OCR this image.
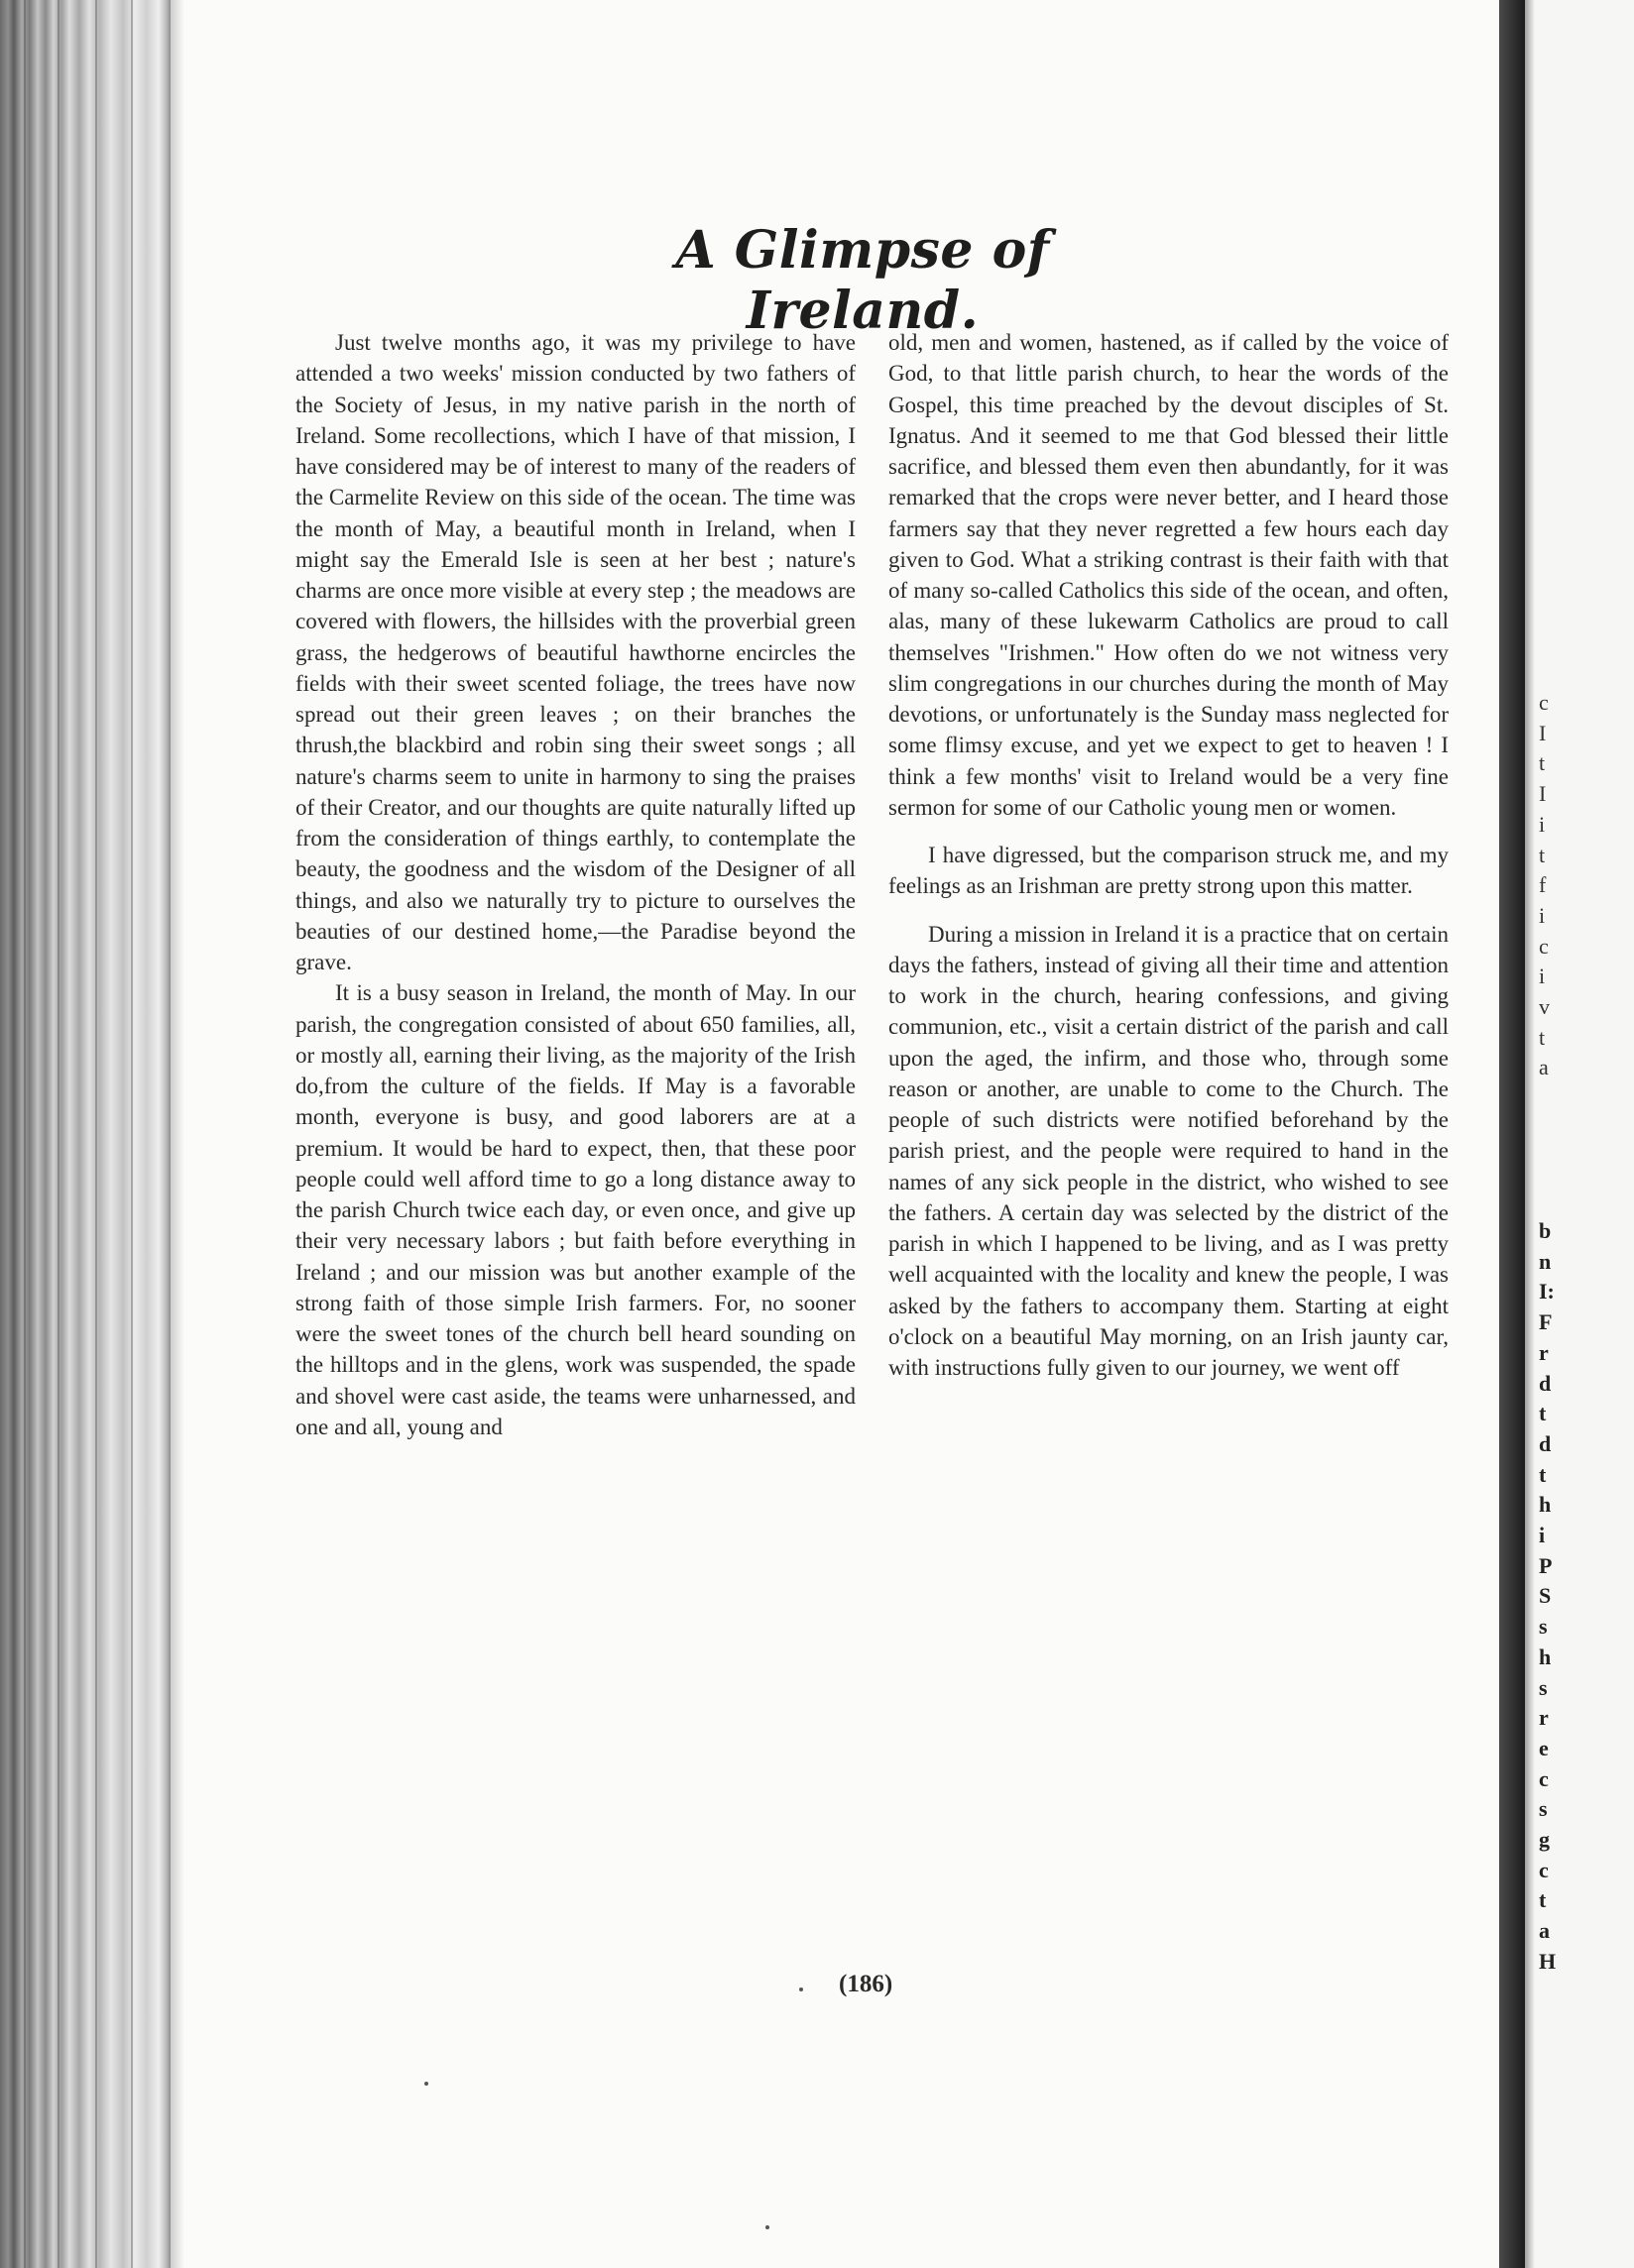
c
I
t
I
i
t
f
i
c
i
v
t
a
b
n
I:
F
r
d
t
d
t
h
i
P
S
s
h
s
r
e
c
s
g
c
t
a
H
A Glimpse of Ireland.

Just twelve months ago, it was my privilege to have attended a two weeks' mission conducted by two fathers of the Society of Jesus, in my native parish in the north of Ireland. Some recollections, which I have of that mission, I have considered may be of interest to many of the readers of the Carmelite Review on this side of the ocean. The time was the month of May, a beautiful month in Ireland, when I might say the Emerald Isle is seen at her best ; nature's charms are once more visible at every step ; the meadows are covered with flowers, the hillsides with the proverbial green grass, the hedgerows of beautiful hawthorne encircles the fields with their sweet scented foliage, the trees have now spread out their green leaves ; on their branches the thrush,the blackbird and robin sing their sweet songs ; all nature's charms seem to unite in harmony to sing the praises of their Creator, and our thoughts are quite naturally lifted up from the consideration of things earthly, to contemplate the beauty, the goodness and the wisdom of the Designer of all things, and also we naturally try to picture to ourselves the beauties of our destined home,—the Paradise beyond the grave.

It is a busy season in Ireland, the month of May. In our parish, the congregation consisted of about 650 families, all, or mostly all, earning their living, as the majority of the Irish do,from the culture of the fields. If May is a favorable month, everyone is busy, and good laborers are at a premium. It would be hard to expect, then, that these poor people could well afford time to go a long distance away to the parish Church twice each day, or even once, and give up their very necessary labors ; but faith before everything in Ireland ; and our mission was but another example of the strong faith of those simple Irish farmers. For, no sooner were the sweet tones of the church bell heard sounding on the hilltops and in the glens, work was suspended, the spade and shovel were cast aside, the teams were unharnessed, and one and all, young and

old, men and women, hastened, as if called by the voice of God, to that little parish church, to hear the words of the Gospel, this time preached by the devout disciples of St. Ignatus. And it seemed to me that God blessed their little sacrifice, and blessed them even then abundantly, for it was remarked that the crops were never better, and I heard those farmers say that they never regretted a few hours each day given to God. What a striking contrast is their faith with that of many so-called Catholics this side of the ocean, and often, alas, many of these lukewarm Catholics are proud to call themselves "Irishmen." How often do we not witness very slim congregations in our churches during the month of May devotions, or unfortunately is the Sunday mass neglected for some flimsy excuse, and yet we expect to get to heaven ! I think a few months' visit to Ireland would be a very fine sermon for some of our Catholic young men or women.

I have digressed, but the comparison struck me, and my feelings as an Irishman are pretty strong upon this matter.

During a mission in Ireland it is a practice that on certain days the fathers, instead of giving all their time and attention to work in the church, hearing confessions, and giving communion, etc., visit a certain district of the parish and call upon the aged, the infirm, and those who, through some reason or another, are unable to come to the Church. The people of such districts were notified beforehand by the parish priest, and the people were required to hand in the names of any sick people in the district, who wished to see the fathers. A certain day was selected by the district of the parish in which I happened to be living, and as I was pretty well acquainted with the locality and knew the people, I was asked by the fathers to accompany them. Starting at eight o'clock on a beautiful May morning, on an Irish jaunty car, with instructions fully given to our journey, we went off

(186)
